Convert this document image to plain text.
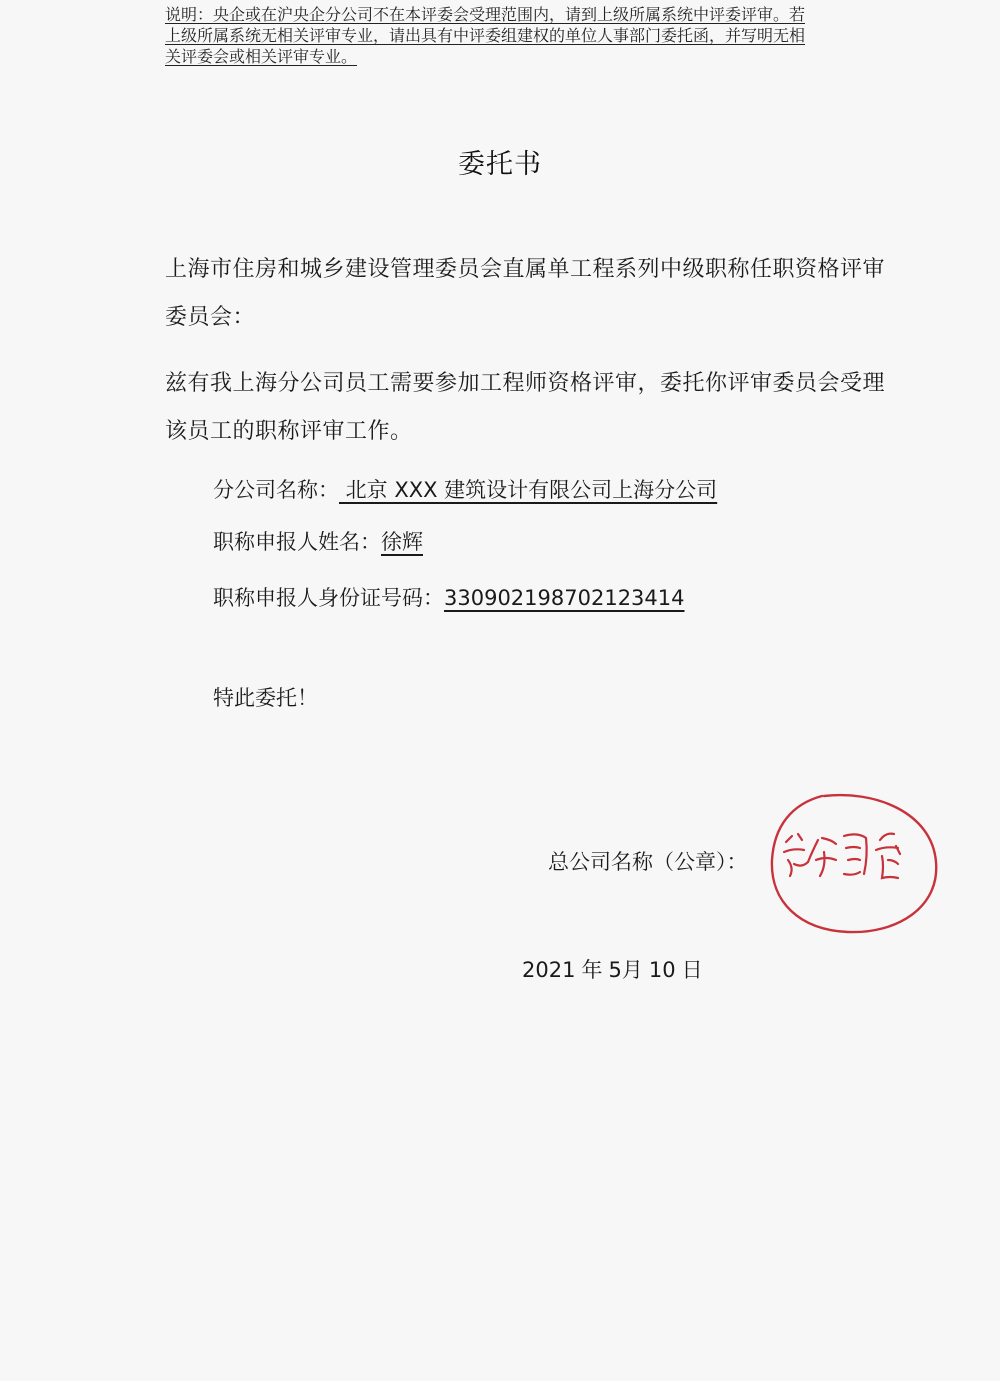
说明：央企或在沪央企分公司不在本评委会受理范围内，请到上级所属系统中评委评审。若
上级所属系统无相关评审专业，请出具有中评委组建权的单位人事部门委托函，并写明无相
关评委会或相关评审专业。
委托书
上海市住房和城乡建设管理委员会直属单工程系列中级职称任职资格评审委员会：
兹有我上海分公司员工需要参加工程师资格评审，委托你评审委员会受理该员工的职称评审工作。
分公司名称： 北京 XXX 建筑设计有限公司上海分公司
职称申报人姓名：徐辉
职称申报人身份证号码：330902198702123414
特此委托！
总公司名称（公章）：
2021 年 5月 10 日
